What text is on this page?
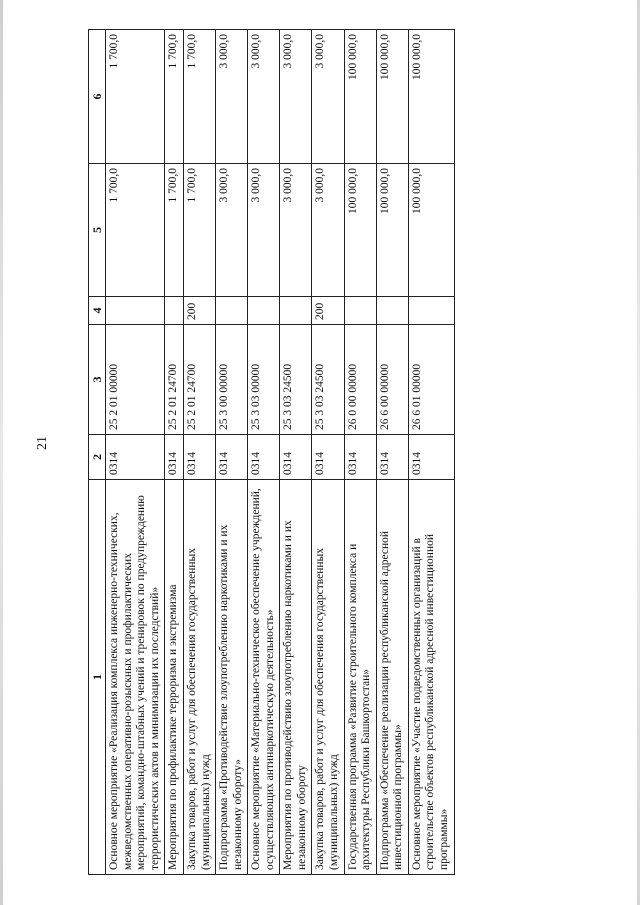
21
1	2	3	4	5	6
Основное мероприятие «Реализация комплекса инженерно-технических, межведомственных оперативно-розыскных и профилактических мероприятий, командно-штабных учений и тренировок по предупреждению террористических актов и минимизации их последствий»	0314	25 2 01 00000		1 700,0	1 700,0
Мероприятия по профилактике терроризма и экстремизма	0314	25 2 01 24700		1 700,0	1 700,0
Закупка товаров, работ и услуг для обеспечения государственных (муниципальных) нужд	0314	25 2 01 24700	200	1 700,0	1 700,0
Подпрограмма «Противодействие злоупотреблению наркотиками и их незаконному обороту»	0314	25 3 00 00000		3 000,0	3 000,0
Основное мероприятие «Материально-техническое обеспечение учреждений, осуществляющих антинаркотическую деятельность»	0314	25 3 03 00000		3 000,0	3 000,0
Мероприятия по противодействию злоупотреблению наркотиками и их незаконному обороту	0314	25 3 03 24500		3 000,0	3 000,0
Закупка товаров, работ и услуг для обеспечения государственных (муниципальных) нужд	0314	25 3 03 24500	200	3 000,0	3 000,0
Государственная программа «Развитие строительного комплекса и архитектуры Республики Башкортостан»	0314	26 0 00 00000		100 000,0	100 000,0
Подпрограмма «Обеспечение реализации республиканской адресной инвестиционной программы»	0314	26 6 00 00000		100 000,0	100 000,0
Основное мероприятие «Участие подведомственных организаций в строительстве объектов республиканской адресной инвестиционной программы»	0314	26 6 01 00000		100 000,0	100 000,0
